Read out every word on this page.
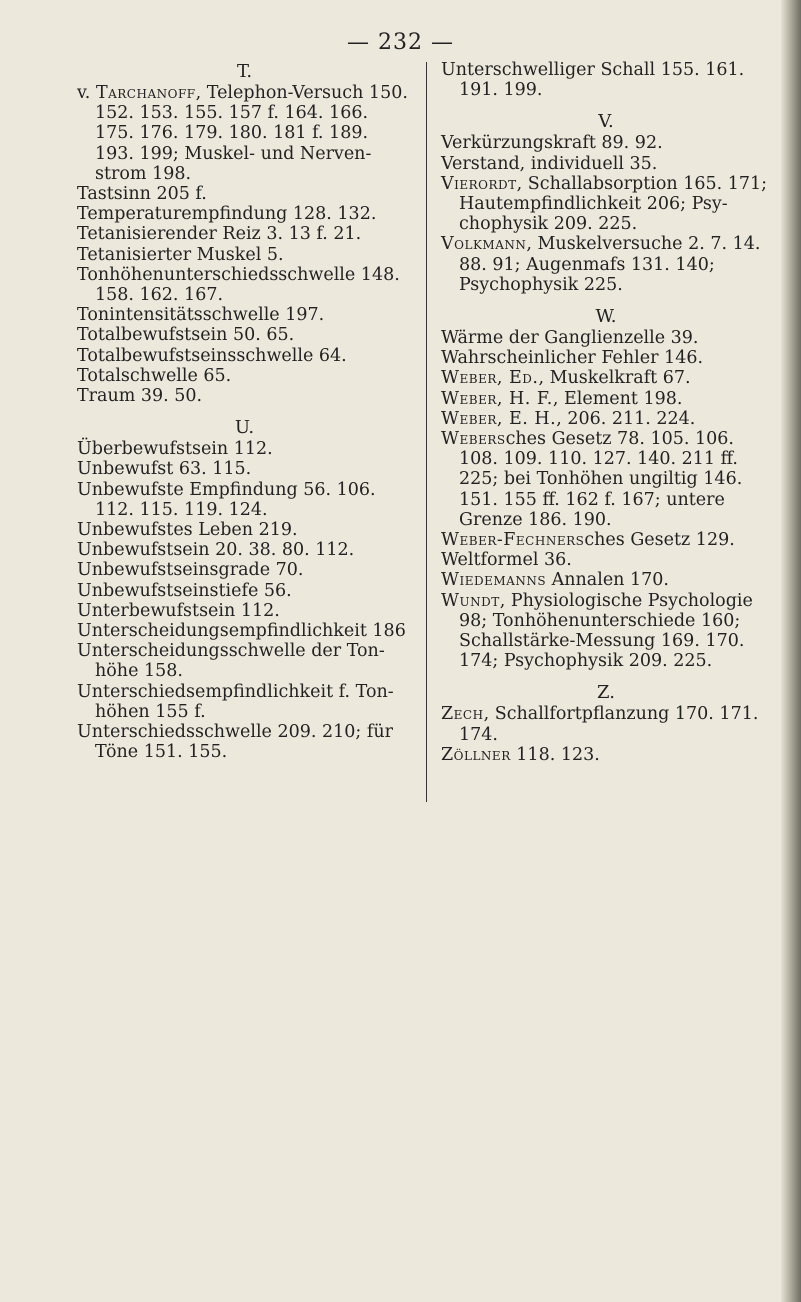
— 232 —

T.

v. Tarchanoff, Telephon-Versuch 150. 152. 153. 155. 157 f. 164. 166. 175. 176. 179. 180. 181 f. 189. 193. 199; Muskel- und Nerven-strom 198.

Tastsinn 205 f.

Temperaturempfindung 128. 132.

Tetanisierender Reiz 3. 13 f. 21.

Tetanisierter Muskel 5.

Tonhöhenunterschiedsschwelle 148. 158. 162. 167.

Tonintensitätsschwelle 197.

Totalbewufstsein 50. 65.

Totalbewufstseinsschwelle 64.

Totalschwelle 65.

Traum 39. 50.

U.

Überbewufstsein 112.

Unbewufst 63. 115.

Unbewufste Empfindung 56. 106. 112. 115. 119. 124.

Unbewufstes Leben 219.

Unbewufstsein 20. 38. 80. 112.

Unbewufstseinsgrade 70.

Unbewufstseinstiefe 56.

Unterbewufstsein 112.

Unterscheidungsempfindlichkeit 186

Unterscheidungsschwelle der Ton-höhe 158.

Unterschiedsempfindlichkeit f. Ton-höhen 155 f.

Unterschiedsschwelle 209. 210; für Töne 151. 155.

Unterschwelliger Schall 155. 161. 191. 199.

V.

Verkürzungskraft 89. 92.

Verstand, individuell 35.

Vierordt, Schallabsorption 165. 171; Hautempfindlichkeit 206; Psy-chophysik 209. 225.

Volkmann, Muskelversuche 2. 7. 14. 88. 91; Augenmafs 131. 140; Psychophysik 225.

W.

Wärme der Ganglienzelle 39.

Wahrscheinlicher Fehler 146.

Weber, Ed., Muskelkraft 67.

Weber, H. F., Element 198.

Weber, E. H., 206. 211. 224.

Webersches Gesetz 78. 105. 106. 108. 109. 110. 127. 140. 211 ff. 225; bei Tonhöhen ungiltig 146. 151. 155 ff. 162 f. 167; untere Grenze 186. 190.

Weber-Fechnersches Gesetz 129.

Weltformel 36.

Wiedemanns Annalen 170.

Wundt, Physiologische Psychologie 98; Tonhöhenunterschiede 160; Schallstärke-Messung 169. 170. 174; Psychophysik 209. 225.

Z.

Zech, Schallfortpflanzung 170. 171. 174.

Zöllner 118. 123.
